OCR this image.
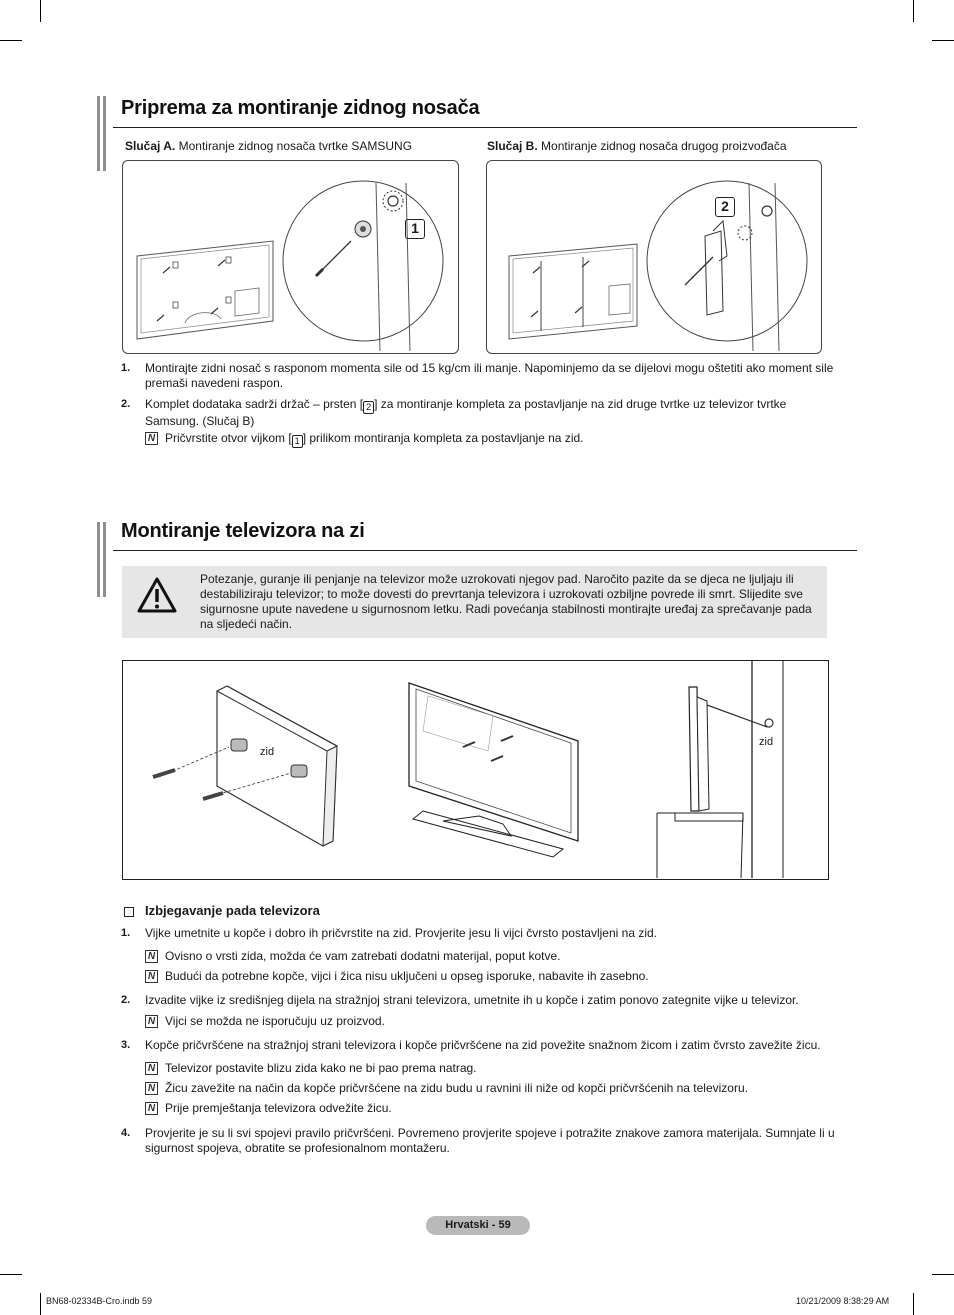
Priprema za montiranje zidnog nosača
Slučaj A. Montiranje zidnog nosača tvrtke SAMSUNG	Slučaj B. Montiranje zidnog nosača drugog proizvođača
1
2
1. Montirajte zidni nosač s rasponom momenta sile od 15 kg/cm ili manje. Napominjemo da se dijelovi mogu oštetiti ako moment sile premaši navedeni raspon.
2. Komplet dodataka sadrži držač – prsten [ 2 ] za montiranje kompleta za postavljanje na zid druge tvrtke uz televizor tvrtke Samsung. (Slučaj B)
N Pričvrstite otvor vijkom [ 1 ] prilikom montiranja kompleta za postavljanje na zid.
Montiranje televizora na zi
Potezanje, guranje ili penjanje na televizor može uzrokovati njegov pad. Naročito pazite da se djeca ne ljuljaju ili destabiliziraju televizor; to može dovesti do prevrtanja televizora i uzrokovati ozbiljne povrede ili smrt. Slijedite sve sigurnosne upute navedene u sigurnosnom letku. Radi povećanja stabilnosti montirajte uređaj za sprečavanje pada na sljedeći način.
zid
zid
Izbjegavanje pada televizora
1. Vijke umetnite u kopče i dobro ih pričvrstite na zid. Provjerite jesu li vijci čvrsto postavljeni na zid.
N Ovisno o vrsti zida, možda će vam zatrebati dodatni materijal, poput kotve.
N Budući da potrebne kopče, vijci i žica nisu uključeni u opseg isporuke, nabavite ih zasebno.
2. Izvadite vijke iz središnjeg dijela na stražnjoj strani televizora, umetnite ih u kopče i zatim ponovo zategnite vijke u televizor.
N Vijci se možda ne isporučuju uz proizvod.
3. Kopče pričvršćene na stražnjoj strani televizora i kopče pričvršćene na zid povežite snažnom žicom i zatim čvrsto zavežite žicu.
N Televizor postavite blizu zida kako ne bi pao prema natrag.
N Žicu zavežite na način da kopče pričvršćene na zidu budu u ravnini ili niže od kopči pričvršćenih na televizoru.
N Prije premještanja televizora odvežite žicu.
4. Provjerite je su li svi spojevi pravilo pričvršćeni. Povremeno provjerite spojeve i potražite znakove zamora materijala. Sumnjate li u sigurnost spojeva, obratite se profesionalnom montažeru.
Hrvatski - 59
BN68-02334B-Cro.indb 59	10/21/2009 8:38:29 AM
